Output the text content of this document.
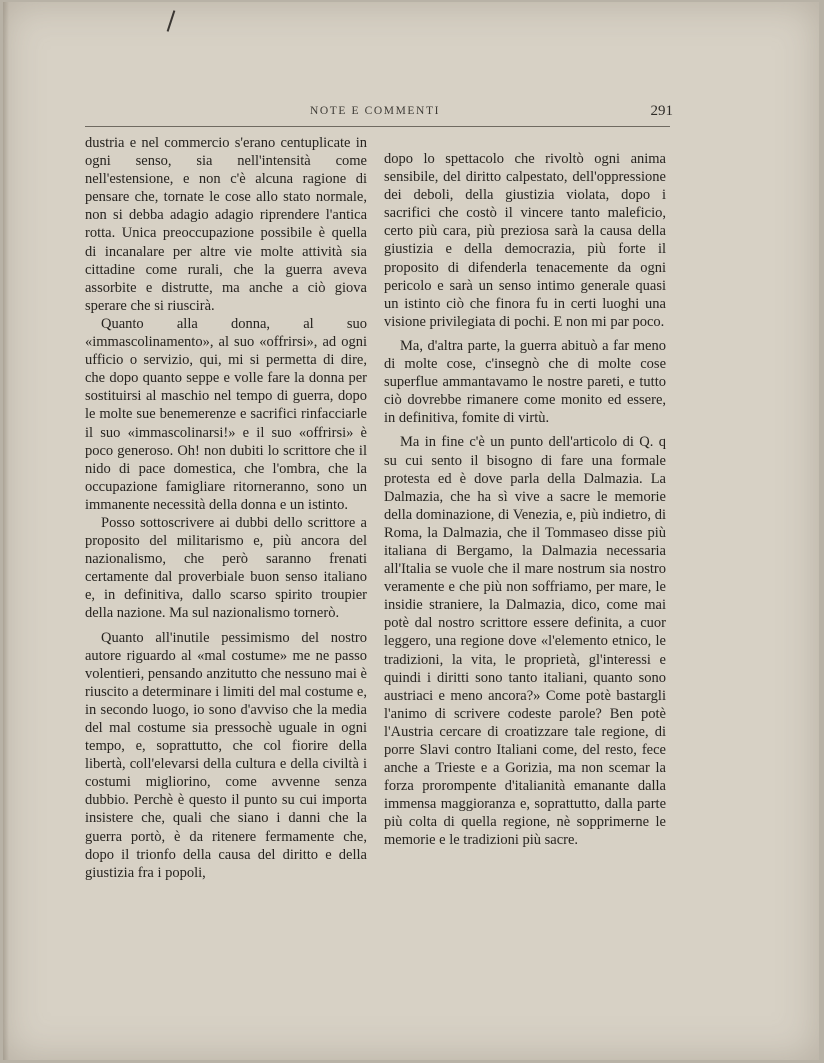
NOTE E COMMENTI	291

dustria e nel commercio s'erano centuplicate in ogni senso, sia nell'intensità come nell'estensione, e non c'è alcuna ragione di pensare che, tornate le cose allo stato normale, non si debba adagio adagio riprendere l'antica rotta. Unica preoccupazione possibile è quella di incanalare per altre vie molte attività sia cittadine come rurali, che la guerra aveva assorbite e distrutte, ma anche a ciò giova sperare che si riuscirà.

Quanto alla donna, al suo «immascolinamento», al suo «offrirsi», ad ogni ufficio o servizio, qui, mi si permetta di dire, che dopo quanto seppe e volle fare la donna per sostituirsi al maschio nel tempo di guerra, dopo le molte sue benemerenze e sacrifici rinfacciarle il suo «immascolinarsi!» e il suo «offrirsi» è poco generoso. Oh! non dubiti lo scrittore che il nido di pace domestica, che l'ombra, che la occupazione famigliare ritorneranno, sono un immanente necessità della donna e un istinto.

Posso sottoscrivere ai dubbi dello scrittore a proposito del militarismo e, più ancora del nazionalismo, che però saranno frenati certamente dal proverbiale buon senso italiano e, in definitiva, dallo scarso spirito troupier della nazione. Ma sul nazionalismo tornerò.

Quanto all'inutile pessimismo del nostro autore riguardo al «mal costume» me ne passo volentieri, pensando anzitutto che nessuno mai è riuscito a determinare i limiti del mal costume e, in secondo luogo, io sono d'avviso che la media del mal costume sia pressochè uguale in ogni tempo, e, soprattutto, che col fiorire della libertà, coll'elevarsi della cultura e della civiltà i costumi migliorino, come avvenne senza dubbio. Perchè è questo il punto su cui importa insistere che, quali che siano i danni che la guerra portò, è da ritenere fermamente che, dopo il trionfo della causa del diritto e della giustizia fra i popoli,

dopo lo spettacolo che rivoltò ogni anima sensibile, del diritto calpestato, dell'oppressione dei deboli, della giustizia violata, dopo i sacrifici che costò il vincere tanto maleficio, certo più cara, più preziosa sarà la causa della giustizia e della democrazia, più forte il proposito di difenderla tenacemente da ogni pericolo e sarà un senso intimo generale quasi un istinto ciò che finora fu in certi luoghi una visione privilegiata di pochi. E non mi par poco.

Ma, d'altra parte, la guerra abituò a far meno di molte cose, c'insegnò che di molte cose superflue ammantavamo le nostre pareti, e tutto ciò dovrebbe rimanere come monito ed essere, in definitiva, fomite di virtù.

Ma in fine c'è un punto dell'articolo di Q. q su cui sento il bisogno di fare una formale protesta ed è dove parla della Dalmazia. La Dalmazia, che ha sì vive a sacre le memorie della dominazione, di Venezia, e, più indietro, di Roma, la Dalmazia, che il Tommaseo disse più italiana di Bergamo, la Dalmazia necessaria all'Italia se vuole che il mare nostrum sia nostro veramente e che più non soffriamo, per mare, le insidie straniere, la Dalmazia, dico, come mai potè dal nostro scrittore essere definita, a cuor leggero, una regione dove «l'elemento etnico, le tradizioni, la vita, le proprietà, gl'interessi e quindi i diritti sono tanto italiani, quanto sono austriaci e meno ancora?» Come potè bastargli l'animo di scrivere codeste parole? Ben potè l'Austria cercare di croatizzare tale regione, di porre Slavi contro Italiani come, del resto, fece anche a Trieste e a Gorizia, ma non scemar la forza prorompente d'italianità emanante dalla immensa maggioranza e, soprattutto, dalla parte più colta di quella regione, nè sopprimerne le memorie e le tradizioni più sacre.
